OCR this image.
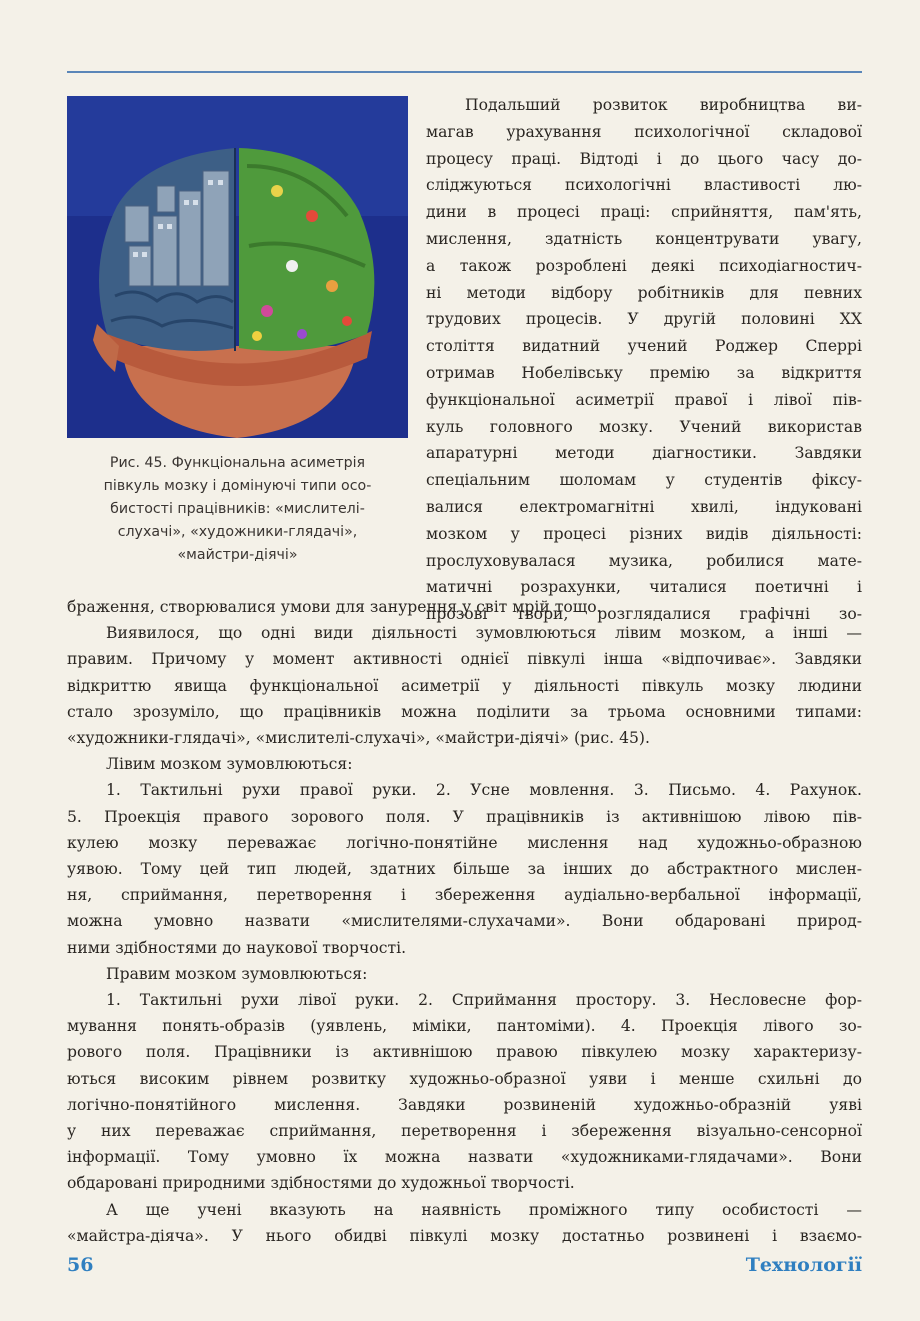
Рис. 45. Функціональна асиметрія
півкуль мозку і домінуючі типи осо-
бистості працівників: «мислителі-
слухачі», «художники-глядачі»,
«майстри-діячі»
Подальший розвиток виробництва ви-
магав урахування психологічної складової
процесу праці. Відтоді і до цього часу до-
сліджуються психологічні властивості лю-
дини в процесі праці: сприйняття, пам'ять,
мислення, здатність концентрувати увагу,
а також розроблені деякі психодіагностич-
ні методи відбору робітників для певних
трудових процесів. У другій половині XX
століття видатний учений Роджер Сперрі
отримав Нобелівську премію за відкриття
функціональної асиметрії правої і лівої пів-
куль головного мозку. Учений використав
апаратурні методи діагностики. Завдяки
спеціальним шоломам у студентів фіксу-
валися електромагнітні хвилі, індуковані
мозком у процесі різних видів діяльності:
прослуховувалася музика, робилися мате-
матичні розрахунки, читалися поетичні і
прозові твори, розглядалися графічні зо-
браження, створювалися умови для занурення у світ мрій тощо.
Виявилося, що одні види діяльності зумовлюються лівим мозком, а інші —
правим. Причому у момент активності однієї півкулі інша «відпочиває». Завдяки
відкриттю явища функціональної асиметрії у діяльності півкуль мозку людини
стало зрозуміло, що працівників можна поділити за трьома основними типами:
«художники-глядачі», «мислителі-слухачі», «майстри-діячі» (рис. 45).
Лівим мозком зумовлюються:
1. Тактильні рухи правої руки. 2. Усне мовлення. 3. Письмо. 4. Рахунок.
5. Проекція правого зорового поля. У працівників із активнішою лівою пів-
кулею мозку переважає логічно-понятійне мислення над художньо-образною
уявою. Тому цей тип людей, здатних більше за інших до абстрактного мислен-
ня, сприймання, перетворення і збереження аудіально-вербальної інформації,
можна умовно назвати «мислителями-слухачами». Вони обдаровані природ-
ними здібностями до наукової творчості.
Правим мозком зумовлюються:
1. Тактильні рухи лівої руки. 2. Сприймання простору. 3. Несловесне фор-
мування понять-образів (уявлень, міміки, пантоміми). 4. Проекція лівого зо-
рового поля. Працівники із активнішою правою півкулею мозку характеризу-
ються високим рівнем розвитку художньо-образної уяви і менше схильні до
логічно-понятійного мислення. Завдяки розвиненій художньо-образній уяві
у них переважає сприймання, перетворення і збереження візуально-сенсорної
інформації. Тому умовно їх можна назвати «художниками-глядачами». Вони
обдаровані природними здібностями до художньої творчості.
А ще учені вказують на наявність проміжного типу особистості —
«майстра-діяча». У нього обидві півкулі мозку достатньо розвинені і взаємо-
56	Технології
